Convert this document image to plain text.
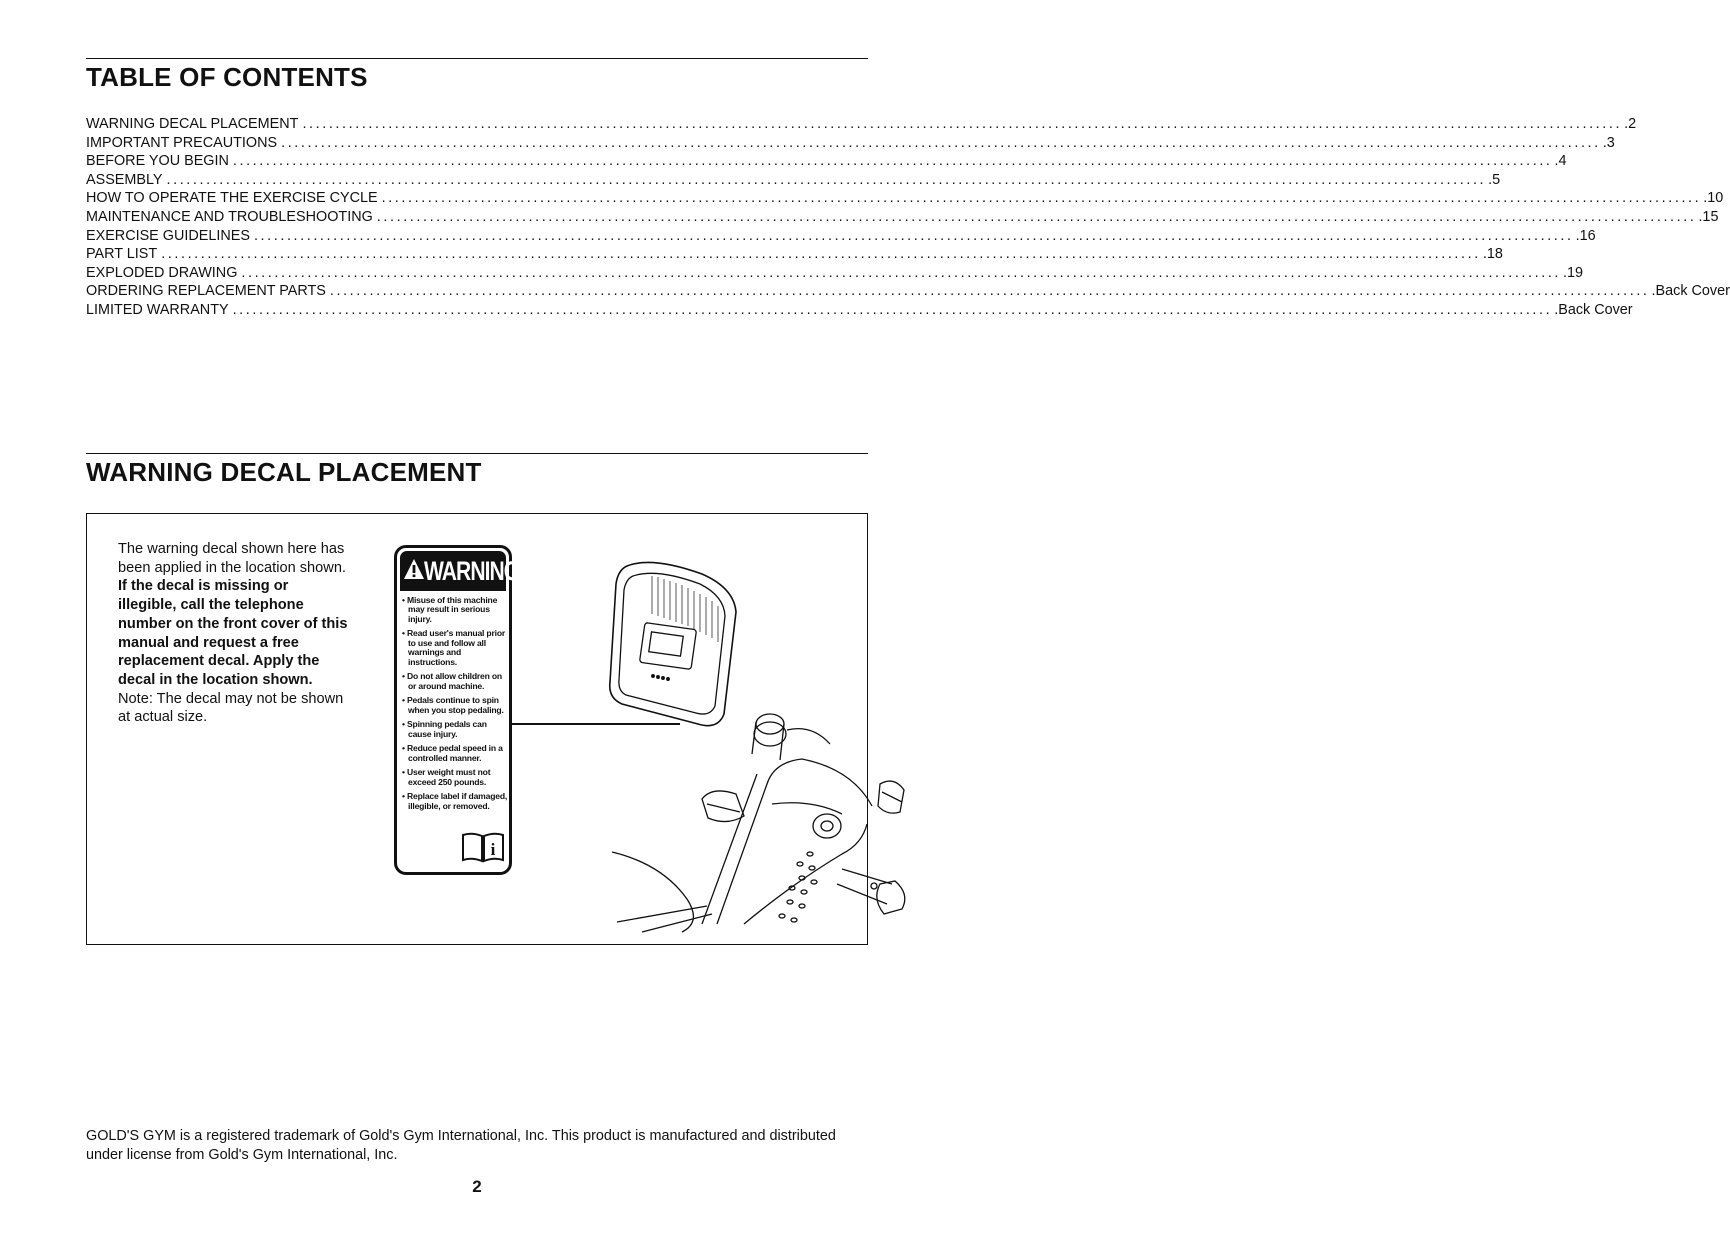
TABLE OF CONTENTS
WARNING DECAL PLACEMENT ........................................................................................................................................................................................................ .2
IMPORTANT PRECAUTIONS ........................................................................................................................................................................................................ .3
BEFORE YOU BEGIN ........................................................................................................................................................................................................ .4
ASSEMBLY ........................................................................................................................................................................................................ .5
HOW TO OPERATE THE EXERCISE CYCLE ........................................................................................................................................................................................................ .10
MAINTENANCE AND TROUBLESHOOTING ........................................................................................................................................................................................................ .15
EXERCISE GUIDELINES ........................................................................................................................................................................................................ .16
PART LIST ........................................................................................................................................................................................................ .18
EXPLODED DRAWING ........................................................................................................................................................................................................ .19
ORDERING REPLACEMENT PARTS ........................................................................................................................................................................................................ .Back Cover
LIMITED WARRANTY ........................................................................................................................................................................................................ .Back Cover
WARNING DECAL PLACEMENT

The warning decal shown here has been applied in the location shown. If the decal is missing or illegible, call the telephone number on the front cover of this manual and request a free replacement decal. Apply the decal in the location shown. Note: The decal may not be shown at actual size.

WARNING
• Misuse of this machine may result in serious injury.
• Read user's manual prior to use and follow all warnings and instructions.
• Do not allow children on or around machine.
• Pedals continue to spin when you stop pedaling.
• Spinning pedals can cause injury.
• Reduce pedal speed in a controlled manner.
• User weight must not exceed 250 pounds.
• Replace label if damaged, illegible, or removed.
i

GOLD'S GYM is a registered trademark of Gold's Gym International, Inc. This product is manufactured and distributed under license from Gold's Gym International, Inc.

2
